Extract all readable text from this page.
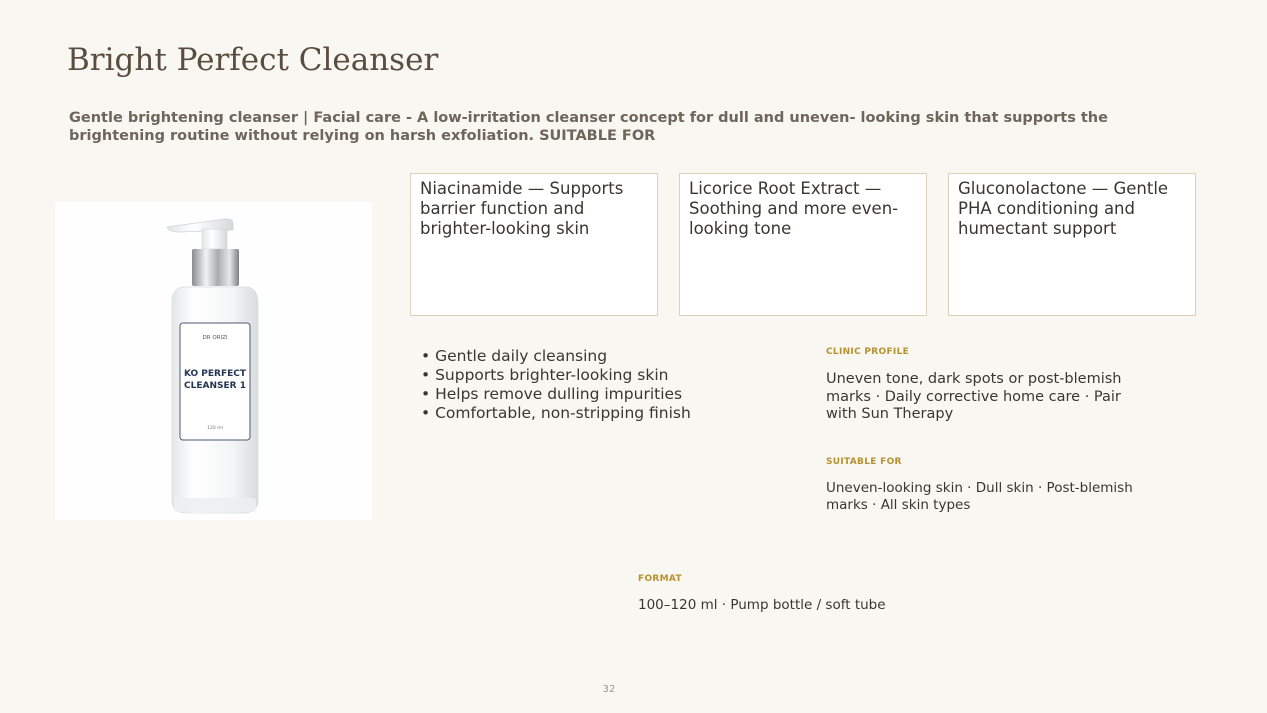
Bright Perfect Cleanser
Gentle brightening cleanser | Facial care - A low-irritation cleanser concept for dull and uneven- looking skin that supports the brightening routine without relying on harsh exfoliation. SUITABLE FOR
DR ORIZI
KO PERFECT
CLEANSER 1
120 ml
Niacinamide — Supports barrier function and brighter-looking skin
Licorice Root Extract — Soothing and more even-looking tone
Gluconolactone — Gentle PHA conditioning and humectant support
• Gentle daily cleansing
• Supports brighter-looking skin
• Helps remove dulling impurities
• Comfortable, non-stripping finish
CLINIC PROFILE
Uneven tone, dark spots or post-blemish marks · Daily corrective home care · Pair with Sun Therapy
SUITABLE FOR
Uneven-looking skin · Dull skin · Post-blemish marks · All skin types
FORMAT
100–120 ml · Pump bottle / soft tube
32
